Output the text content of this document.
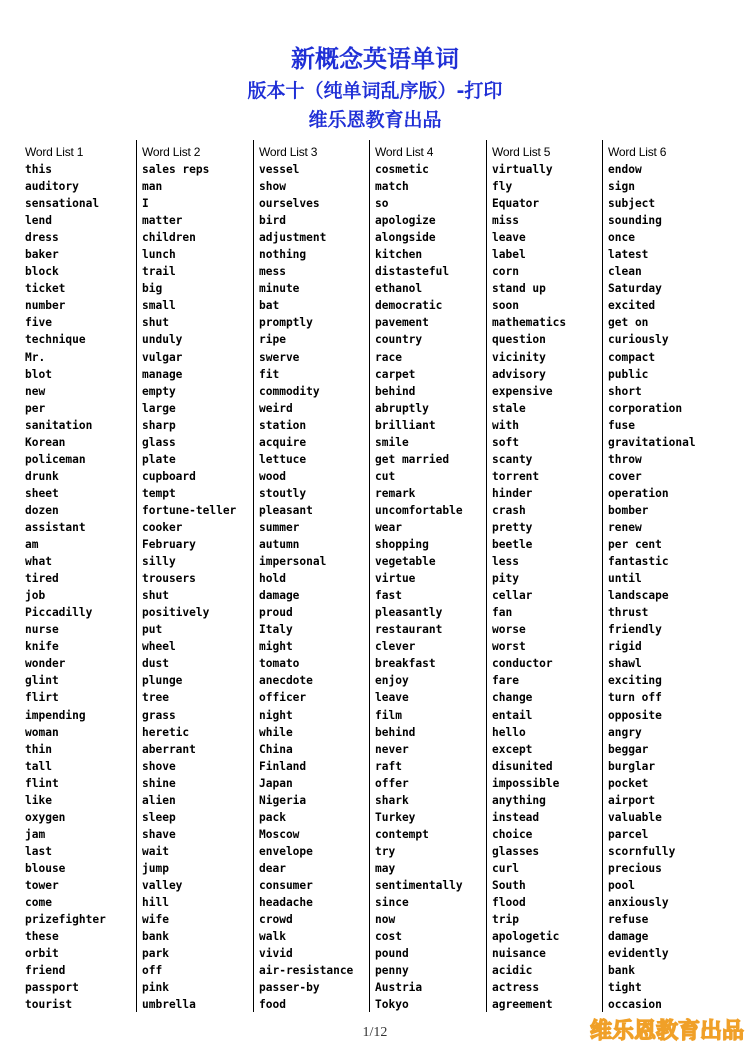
新概念英语单词
版本十（纯单词乱序版）-打印
维乐恩教育出品
Word List 1
this
auditory
sensational
lend
dress
baker
block
ticket
number
five
technique
Mr.
blot
new
per
sanitation
Korean
policeman
drunk
sheet
dozen
assistant
am
what
tired
job
Piccadilly
nurse
knife
wonder
glint
flirt
impending
woman
thin
tall
flint
like
oxygen
jam
last
blouse
tower
come
prizefighter
these
orbit
friend
passport
tourist
Word List 2
sales reps
man
I
matter
children
lunch
trail
big
small
shut
unduly
vulgar
manage
empty
large
sharp
glass
plate
cupboard
tempt
fortune-teller
cooker
February
silly
trousers
shut
positively
put
wheel
dust
plunge
tree
grass
heretic
aberrant
shove
shine
alien
sleep
shave
wait
jump
valley
hill
wife
bank
park
off
pink
umbrella
Word List 3
vessel
show
ourselves
bird
adjustment
nothing
mess
minute
bat
promptly
ripe
swerve
fit
commodity
weird
station
acquire
lettuce
wood
stoutly
pleasant
summer
autumn
impersonal
hold
damage
proud
Italy
might
tomato
anecdote
officer
night
while
China
Finland
Japan
Nigeria
pack
Moscow
envelope
dear
consumer
headache
crowd
walk
vivid
air-resistance
passer-by
food
Word List 4
cosmetic
match
so
apologize
alongside
kitchen
distasteful
ethanol
democratic
pavement
country
race
carpet
behind
abruptly
brilliant
smile
get married
cut
remark
uncomfortable
wear
shopping
vegetable
virtue
fast
pleasantly
restaurant
clever
breakfast
enjoy
leave
film
behind
never
raft
offer
shark
Turkey
contempt
try
may
sentimentally
since
now
cost
pound
penny
Austria
Tokyo
Word List 5
virtually
fly
Equator
miss
leave
label
corn
stand up
soon
mathematics
question
vicinity
advisory
expensive
stale
with
soft
scanty
torrent
hinder
crash
pretty
beetle
less
pity
cellar
fan
worse
worst
conductor
fare
change
entail
hello
except
disunited
impossible
anything
instead
choice
glasses
curl
South
flood
trip
apologetic
nuisance
acidic
actress
agreement
Word List 6
endow
sign
subject
sounding
once
latest
clean
Saturday
excited
get on
curiously
compact
public
short
corporation
fuse
gravitational
throw
cover
operation
bomber
renew
per cent
fantastic
until
landscape
thrust
friendly
rigid
shawl
exciting
turn off
opposite
angry
beggar
burglar
pocket
airport
valuable
parcel
scornfully
precious
pool
anxiously
refuse
damage
evidently
bank
tight
occasion
1/12	维乐恩教育出品
